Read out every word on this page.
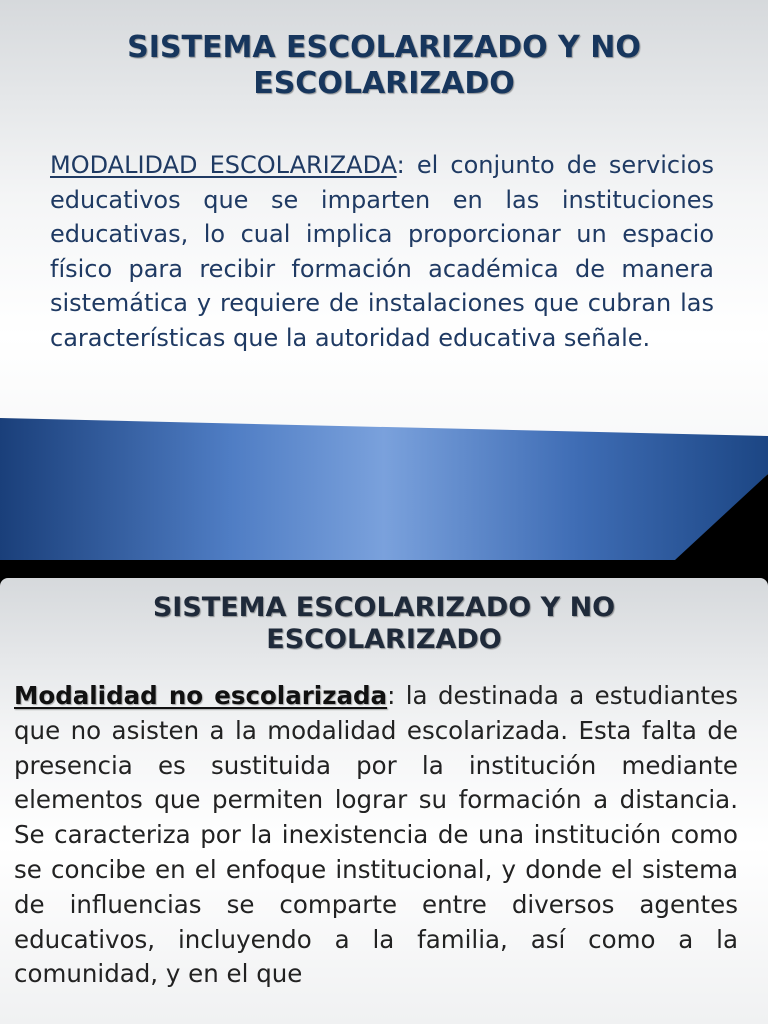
SISTEMA ESCOLARIZADO Y NO ESCOLARIZADO
MODALIDAD ESCOLARIZADA: el conjunto de servicios educativos que se imparten en las instituciones educativas, lo cual implica proporcionar un espacio físico para recibir formación académica de manera sistemática y requiere de instalaciones que cubran las características que la autoridad educativa señale.
SISTEMA ESCOLARIZADO Y NO ESCOLARIZADO
Modalidad no escolarizada: la destinada a estudiantes que no asisten a la modalidad escolarizada. Esta falta de presencia es sustituida por la institución mediante elementos que permiten lograr su formación a distancia. Se caracteriza por la inexistencia de una institución como se concibe en el enfoque institucional, y donde el sistema de influencias se comparte entre diversos agentes educativos, incluyendo a la familia, así como a la comunidad, y en el que
